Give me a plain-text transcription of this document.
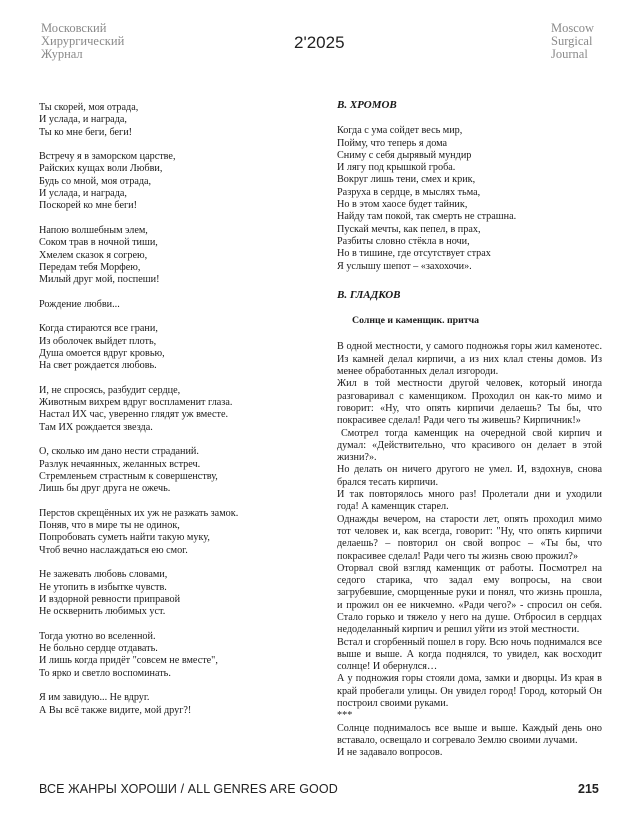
Московский
Хирургический
Журнал
2'2025
Moscow
Surgical
Journal
Ты скорей, моя отрада,
И услада, и награда,
Ты ко мне беги, беги!
Встречу я в заморском царстве,
Райских кущах воли Любви,
Будь со мной, моя отрада,
И услада, и награда,
Поскорей ко мне беги!
Напою волшебным элем,
Соком трав в ночной тиши,
Хмелем сказок я согрею,
Передам тебя Морфею,
Милый друг мой, поспеши!
Рождение любви...
Когда стираются все грани,
Из оболочек выйдет плоть,
Душа омоется вдруг кровью,
На свет рождается любовь.
И, не спросясь, разбудит сердце,
Животным вихрем вдруг воспламенит глаза.
Настал ИХ час, уверенно глядят уж вместе.
Там ИХ рождается звезда.
О, сколько им дано нести страданий.
Разлук нечаянных, желанных встреч.
Стремленьем страстным к совершенству,
Лишь бы друг друга не ожечь.
Перстов скрещённых их уж не разжать замок.
Поняв, что в мире ты не одинок,
Попробовать суметь найти такую муку,
Чтоб вечно наслаждаться ею смог.
Не зажевать любовь словами,
Не утопить в избытке чувств.
И вздорной ревности приправой
Не осквернить любимых уст.
Тогда уютно во вселенной.
Не больно сердце отдавать.
И лишь когда придёт "совсем не вместе",
То ярко и светло воспоминать.
Я им завидую... Не вдруг.
А Вы всё также видите, мой друг?!
В. ХРОМОВ
Когда с ума сойдет весь мир,
Пойму, что теперь я дома
Сниму с себя дырявый мундир
И лягу под крышкой гроба.
Вокруг лишь тени, смех и крик,
Разруха в сердце, в мыслях тьма,
Но в этом хаосе будет тайник,
Найду там покой, так смерть не страшна.
Пускай мечты, как пепел, в прах,
Разбиты словно стёкла в ночи,
Но в тишине, где отсутствует страх
Я услышу шепот – «захохочи».
В. ГЛАДКОВ
Солнце и каменщик. притча
В одной местности, у самого подножья горы жил каменотес. Из камней делал кирпичи, а из них клал стены домов. Из менее обработанных делал изгороди.
Жил в той местности другой человек, который иногда разговаривал с каменщиком. Проходил он как-то мимо и говорит: «Ну, что опять кирпичи делаешь? Ты бы, что покрасивее сделал! Ради чего ты живешь? Кирпичник!»
Смотрел тогда каменщик на очередной свой кирпич и думал: «Действительно, что красивого он делает в этой жизни?».
Но делать он ничего другого не умел. И, вздохнув, снова брался тесать кирпичи.
И так повторялось много раз! Пролетали дни и уходили года! А каменщик старел.
Однажды вечером, на старости лет, опять проходил мимо тот человек и, как всегда, говорит: "Ну, что опять кирпичи делаешь? – повторил он свой вопрос – «Ты бы, что покрасивее сделал! Ради чего ты жизнь свою прожил?»
Оторвал свой взгляд каменщик от работы. Посмотрел на седого старика, что задал ему вопросы, на свои загрубевшие, сморщенные руки и понял, что жизнь прошла, и прожил он ее никчемно. «Ради чего?» - спросил он себя. Стало горько и тяжело у него на душе. Отбросил в сердцах недоделанный кирпич и решил уйти из этой местности.
Встал и сгорбенный пошел в гору. Всю ночь поднимался все выше и выше. А когда поднялся, то увидел, как восходит солнце! И обернулся…
А у подножия горы стояли дома, замки и дворцы. Из края в край пробегали улицы. Он увидел город! Город, который Он построил своими руками.
***
Солнце поднималось все выше и выше. Каждый день оно вставало, освещало и согревало Землю своими лучами.
И не задавало вопросов.
ВСЕ ЖАНРЫ ХОРОШИ / ALL GENRES ARE GOOD	215
